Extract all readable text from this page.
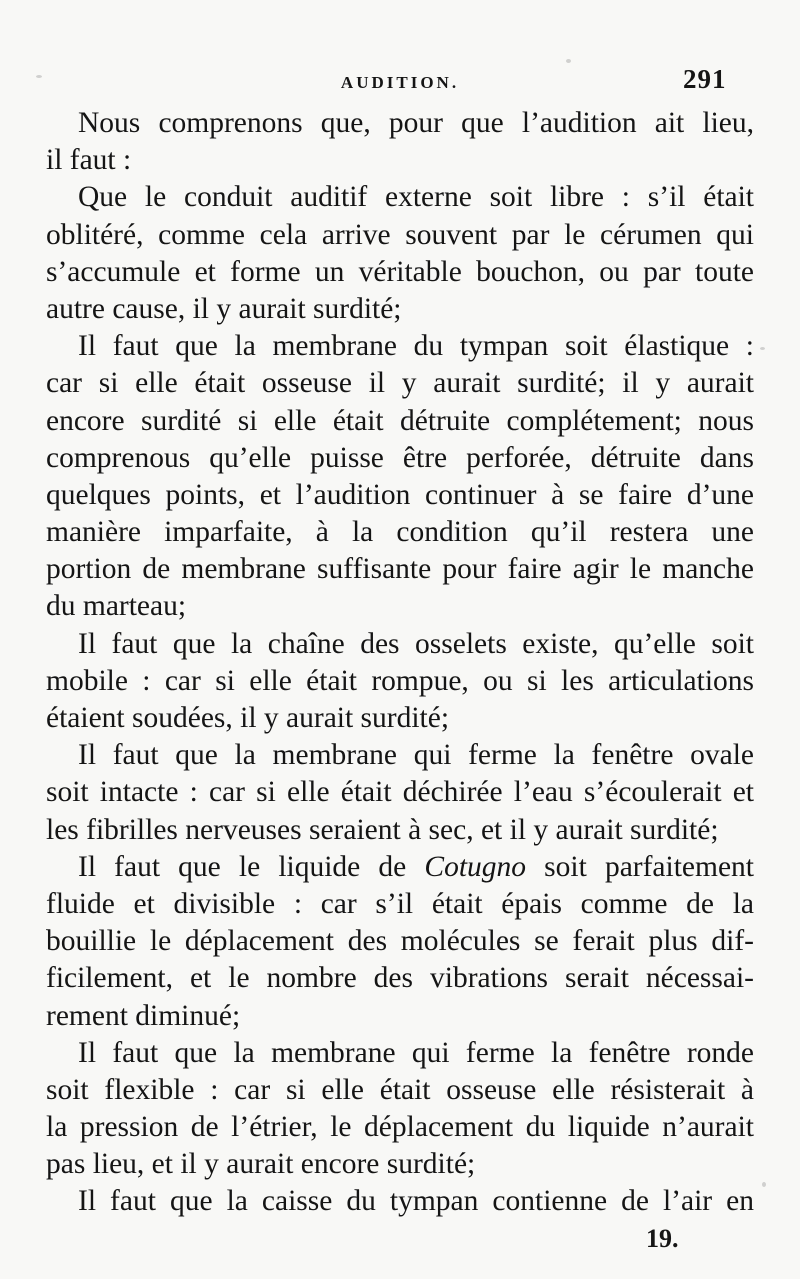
AUDITION.	291
Nous comprenons que, pour que l’audition ait lieu,
il faut :
Que le conduit auditif externe soit libre : s’il était
oblitéré, comme cela arrive souvent par le cérumen qui
s’accumule et forme un véritable bouchon, ou par toute
autre cause, il y aurait surdité;
Il faut que la membrane du tympan soit élastique :
car si elle était osseuse il y aurait surdité; il y aurait
encore surdité si elle était détruite complétement; nous
comprenous qu’elle puisse être perforée, détruite dans
quelques points, et l’audition continuer à se faire d’une
manière imparfaite, à la condition qu’il restera une
portion de membrane suffisante pour faire agir le manche
du marteau;
Il faut que la chaîne des osselets existe, qu’elle soit
mobile : car si elle était rompue, ou si les articulations
étaient soudées, il y aurait surdité;
Il faut que la membrane qui ferme la fenêtre ovale
soit intacte : car si elle était déchirée l’eau s’écoulerait et
les fibrilles nerveuses seraient à sec, et il y aurait surdité;
Il faut que le liquide de Cotugno soit parfaitement
fluide et divisible : car s’il était épais comme de la
bouillie le déplacement des molécules se ferait plus dif-
ficilement, et le nombre des vibrations serait nécessai-
rement diminué;
Il faut que la membrane qui ferme la fenêtre ronde
soit flexible : car si elle était osseuse elle résisterait à
la pression de l’étrier, le déplacement du liquide n’aurait
pas lieu, et il y aurait encore surdité;
Il faut que la caisse du tympan contienne de l’air en
19.
